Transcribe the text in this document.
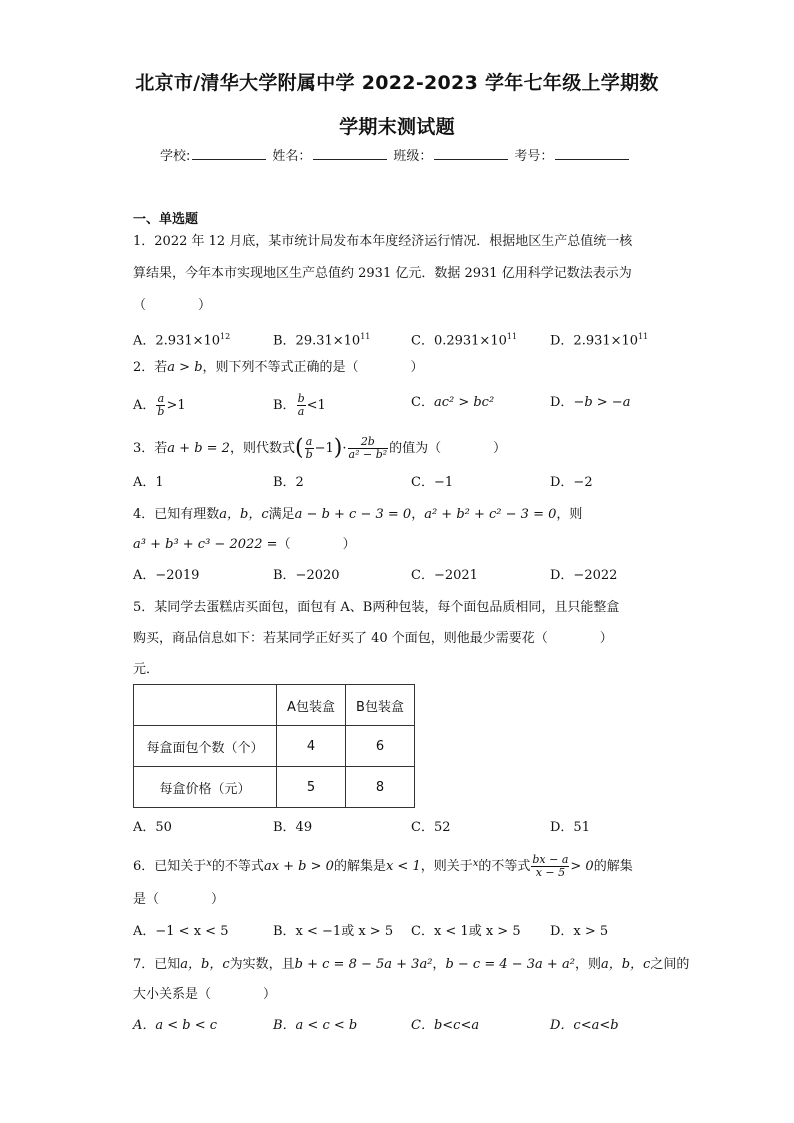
北京市/清华大学附属中学 2022-2023 学年七年级上学期数
学期末测试题
学校:	姓名：	班级：	考号：
一、单选题
1．2022 年 12 月底，某市统计局发布本年度经济运行情况．根据地区生产总值统一核
算结果，今年本市实现地区生产总值约 2931 亿元．数据 2931 亿用科学记数法表示为
（　　　　）
A．$2.931\times 10^{12}$	B．$29.31\times 10^{11}$	C．$0.2931\times 10^{11}$	D．$2.931\times 10^{11}$
2．若a > b，则下列不等式正确的是（　　　　）
A． $\frac{a}{b} >1$	B． $\frac{b}{a} <1$	C．ac² > bc²	D．−b > −a
3．若a + b = 2，则代数式( $\frac{a}{b} -1)\cdot \frac{2b}{\text{a² − b²}}$ 的值为（　　　　）
A．1	B．2	C．−1	D．−2
4．已知有理数a，b，c满足a − b + c − 3 = 0，a² + b² + c² − 3 = 0，则
a³ + b³ + c³ − 2022 =（　　　　）
A．−2019	B．−2020	C．−2021	D．−2022
5．某同学去蛋糕店买面包，面包有 A、B两种包装，每个面包品质相同，且只能整盒
购买，商品信息如下：若某同学正好买了 40 个面包，则他最少需要花（　　　　）
元．
	A包装盒	B包装盒
每盒面包个数（个）	4	6
每盒价格（元）	5	8
A．50	B．49	C．52	D．51
6．已知关于$^x$的不等式ax + b > 0的解集是x < 1，则关于$^x$的不等式 $\frac{bx - a}{x - 5} > 0$的解集
是（　　　　）
A．−1 < x < 5	B．x < −1或 x > 5 C．x < 1或 x > 5 D．x > 5
7．已知a，b，c为实数，且b + c = 8 − 5a + 3a²，b − c = 4 − 3a + a²，则a，b，c之间的
大小关系是（　　　　）
A．a < b < c	B．a < c < b	C．b<c<a	D．c<a<b
